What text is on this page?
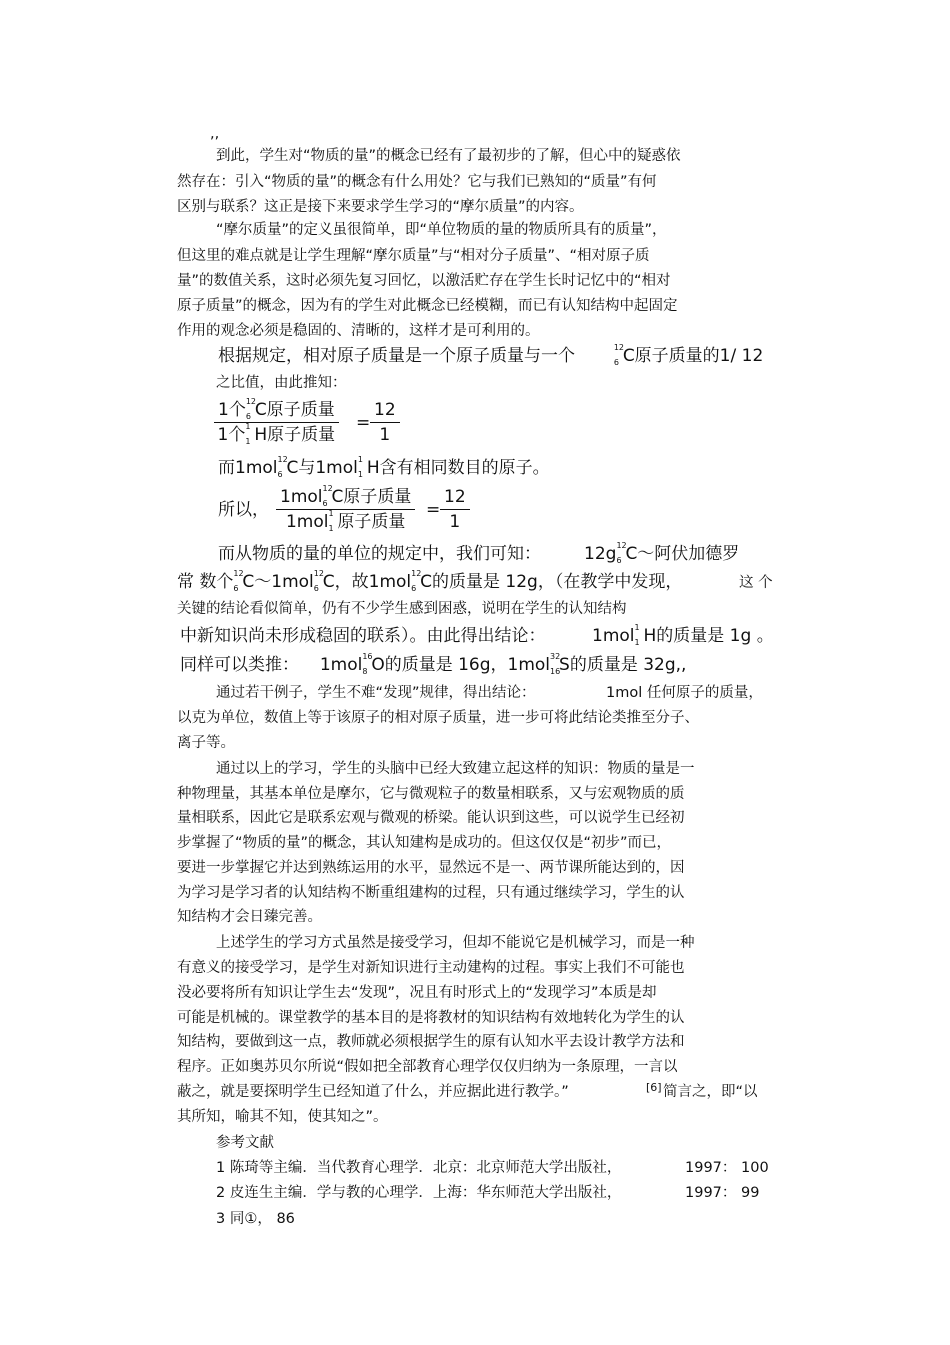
,,
到此，学生对“物质的量”的概念已经有了最初步的了解，但心中的疑惑依
然存在：引入“物质的量”的概念有什么用处？它与我们已熟知的“质量”有何
区别与联系？这正是接下来要求学生学习的“摩尔质量”的内容。
“摩尔质量”的定义虽很简单，即“单位物质的量的物质所具有的质量”，
但这里的难点就是让学生理解“摩尔质量”与“相对分子质量”、“相对原子质
量”的数值关系，这时必须先复习回忆，以激活贮存在学生长时记忆中的“相对
原子质量”的概念，因为有的学生对此概念已经模糊，而已有认知结构中起固定
作用的观念必须是稳固的、清晰的，这样才是可利用的。
根据规定，相对原子质量是一个原子质量与一个	12
6 C原子质量的1/ 12
之比值，由此推知：
1个 12
6 C原子质量
1个 1
1 H原子质量
=
12
1
而1mol 12
6 C与1mol 1
1 H含有相同数目的原子。
所以，
1mol 12
6 C原子质量
1mol 1
1 原子质量
=
12
1
而从物质的量的单位的规定中，我们可知：	12g 12
6 C～阿伏加德罗
常 数个 12
6 C～1mol 12
6 C，故1mol 12
6 C的质量是 12g，（在教学中发现，	这 个
关键的结论看似简单，仍有不少学生感到困惑，说明在学生的认知结构
中新知识尚未形成稳固的联系）。由此得出结论：	1mol 1
1 H的质量是 1g 。
同样可以类推： 1mol 16
8 O的质量是 16g，1mol 32
16
S的质量是 32g,,
通过若干例子，学生不难“发现”规律，得出结论：	1mol 任何原子的质量，
以克为单位，数值上等于该原子的相对原子质量，进一步可将此结论类推至分子、
离子等。
通过以上的学习，学生的头脑中已经大致建立起这样的知识：物质的量是一
种物理量，其基本单位是摩尔，它与微观粒子的数量相联系，又与宏观物质的质
量相联系，因此它是联系宏观与微观的桥梁。能认识到这些，可以说学生已经初
步掌握了“物质的量”的概念，其认知建构是成功的。但这仅仅是“初步”而已，
要进一步掌握它并达到熟练运用的水平，显然远不是一、两节课所能达到的，因
为学习是学习者的认知结构不断重组建构的过程，只有通过继续学习，学生的认
知结构才会日臻完善。
上述学生的学习方式虽然是接受学习，但却不能说它是机械学习，而是一种
有意义的接受学习，是学生对新知识进行主动建构的过程。事实上我们不可能也
没必要将所有知识让学生去“发现”，况且有时形式上的“发现学习”本质是却
可能是机械的。课堂教学的基本目的是将教材的知识结构有效地转化为学生的认
知结构，要做到这一点，教师就必须根据学生的原有认知水平去设计教学方法和
程序。正如奥苏贝尔所说“假如把全部教育心理学仅仅归纳为一条原理，一言以
蔽之，就是要探明学生已经知道了什么，并应据此进行教学。”	[6] 简言之，即“以
其所知，喻其不知，使其知之”。
参考文献
1 陈琦等主编．当代教育心理学．北京：北京师范大学出版社，	1997： 100
2 皮连生主编．学与教的心理学．上海：华东师范大学出版社，	1997： 99
3 同①， 86
